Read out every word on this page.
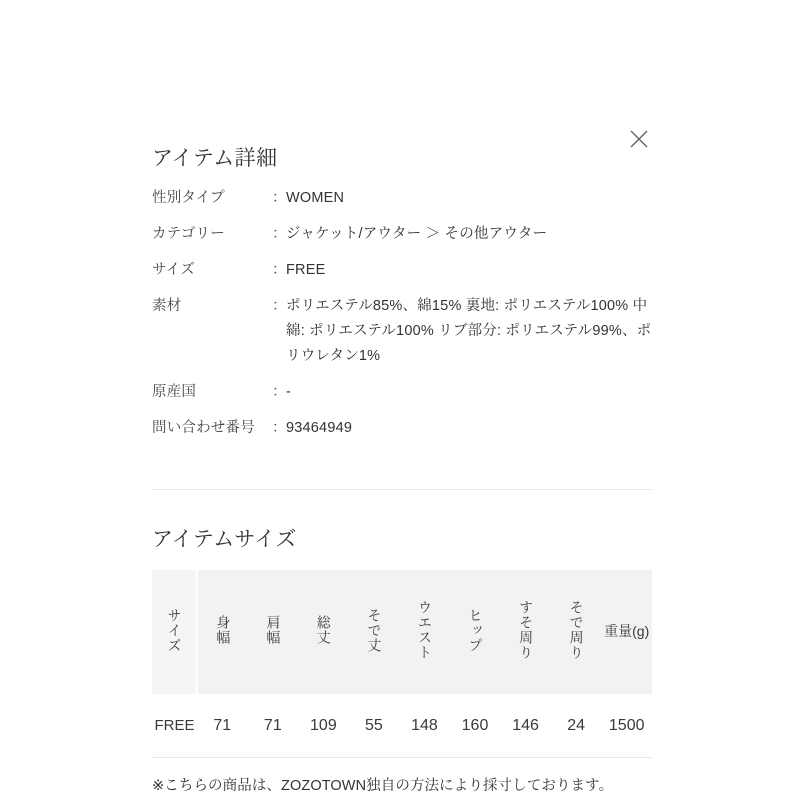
アイテム詳細
性別タイプ	： WOMEN
カテゴリー	： ジャケット/アウター ＞ その他アウター
サイズ	： FREE
素材	： ポリエステル85%、綿15% 裏地: ポリエステル100% 中綿: ポリエステル100% リブ部分: ポリエステル99%、ポリウレタン1%
原産国	： -
問い合わせ番号	： 93464949
アイテムサイズ
サイズ	身幅	肩幅	総丈	そで丈	ウエスト	ヒップ	すそ周り	そで周り	重量(g)
FREE	71	71	109	55	148	160	146	24	1500

※こちらの商品は、ZOZOTOWN独自の方法により採寸しております。
